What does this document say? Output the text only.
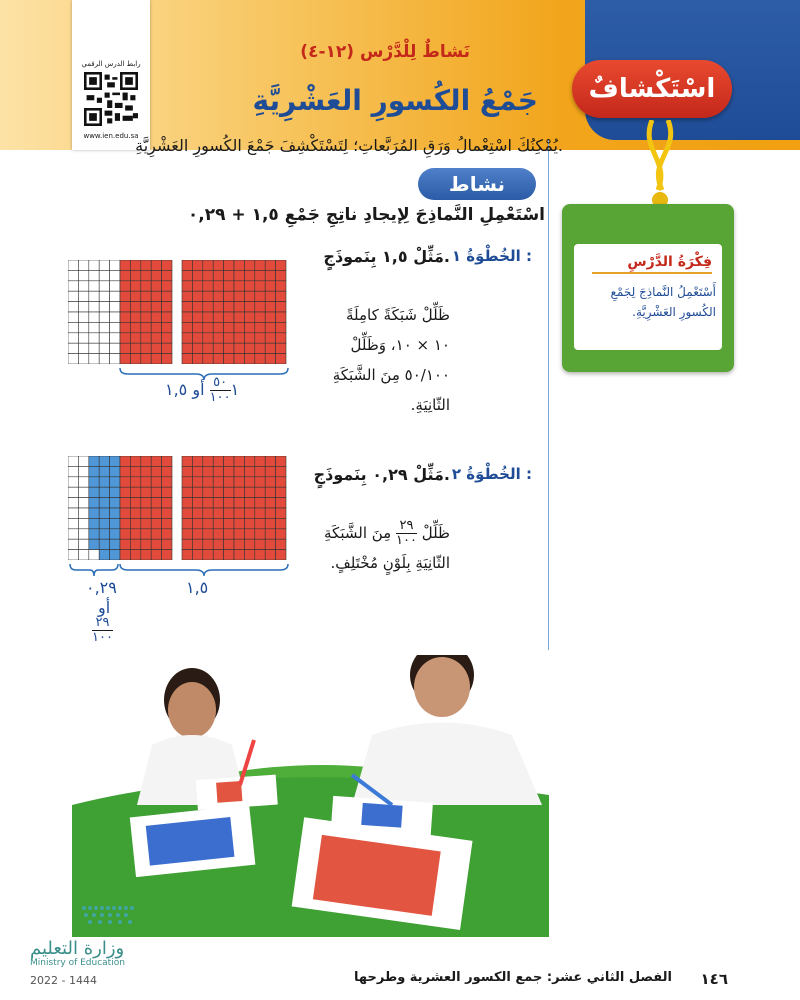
رابط الدرس الرقمي
www.ien.edu.sa
نَشاطٌ لِلْدَّرْس (١٢-٤)
جَمْعُ الكُسورِ العَشْرِيَّةِ	اسْتَكْشافٌ
فِكْرَةُ الدَّرْسِ
أَسْتَعْمِلُ النَّماذِجَ لِجَمْعِ الكُسورِ العَشْرِيَّةِ.
يُمْكِنُكَ اسْتِعْمالُ وَرَقِ المُرَبَّعاتِ؛ لِتَسْتَكْشِفَ جَمْعَ الكُسورِ العَشْرِيَّةِ.
نشاط
اسْتَعْمِلِ النَّماذِجَ لِإيجادِ ناتِجِ جَمْعِ ١,٥ + ٠,٢٩
الخُطْوَةُ ١ :
مَثِّلْ ١,٥ بِنَموذَجٍ.
ظَلِّلْ شَبَكَةً كامِلَةً
١٠ × ١٠، وَظَلِّلْ
٥٠/١٠٠ مِنَ الشَّبَكَةِ
الثّانِيَةِ.
١
$\frac{٥٠}{١٠٠}$
أو ١,٥
الخُطْوَةُ ٢ :
مَثِّلْ ٠,٢٩ بِنَموذَجٍ.
ظَلِّلْ
$\frac{٢٩}{١٠٠}$
مِنَ الشَّبَكَةِ
الثّانِيَةِ بِلَوْنٍ مُخْتَلِفٍ.
٠,٢٩
أو
$\frac{٢٩}{١٠٠}$
١,٥
وزارة التعليم
Ministry of Education
2022 - 1444	١٤٦
الفصل الثاني عشر: جمع الكسور العشرية وطرحها
